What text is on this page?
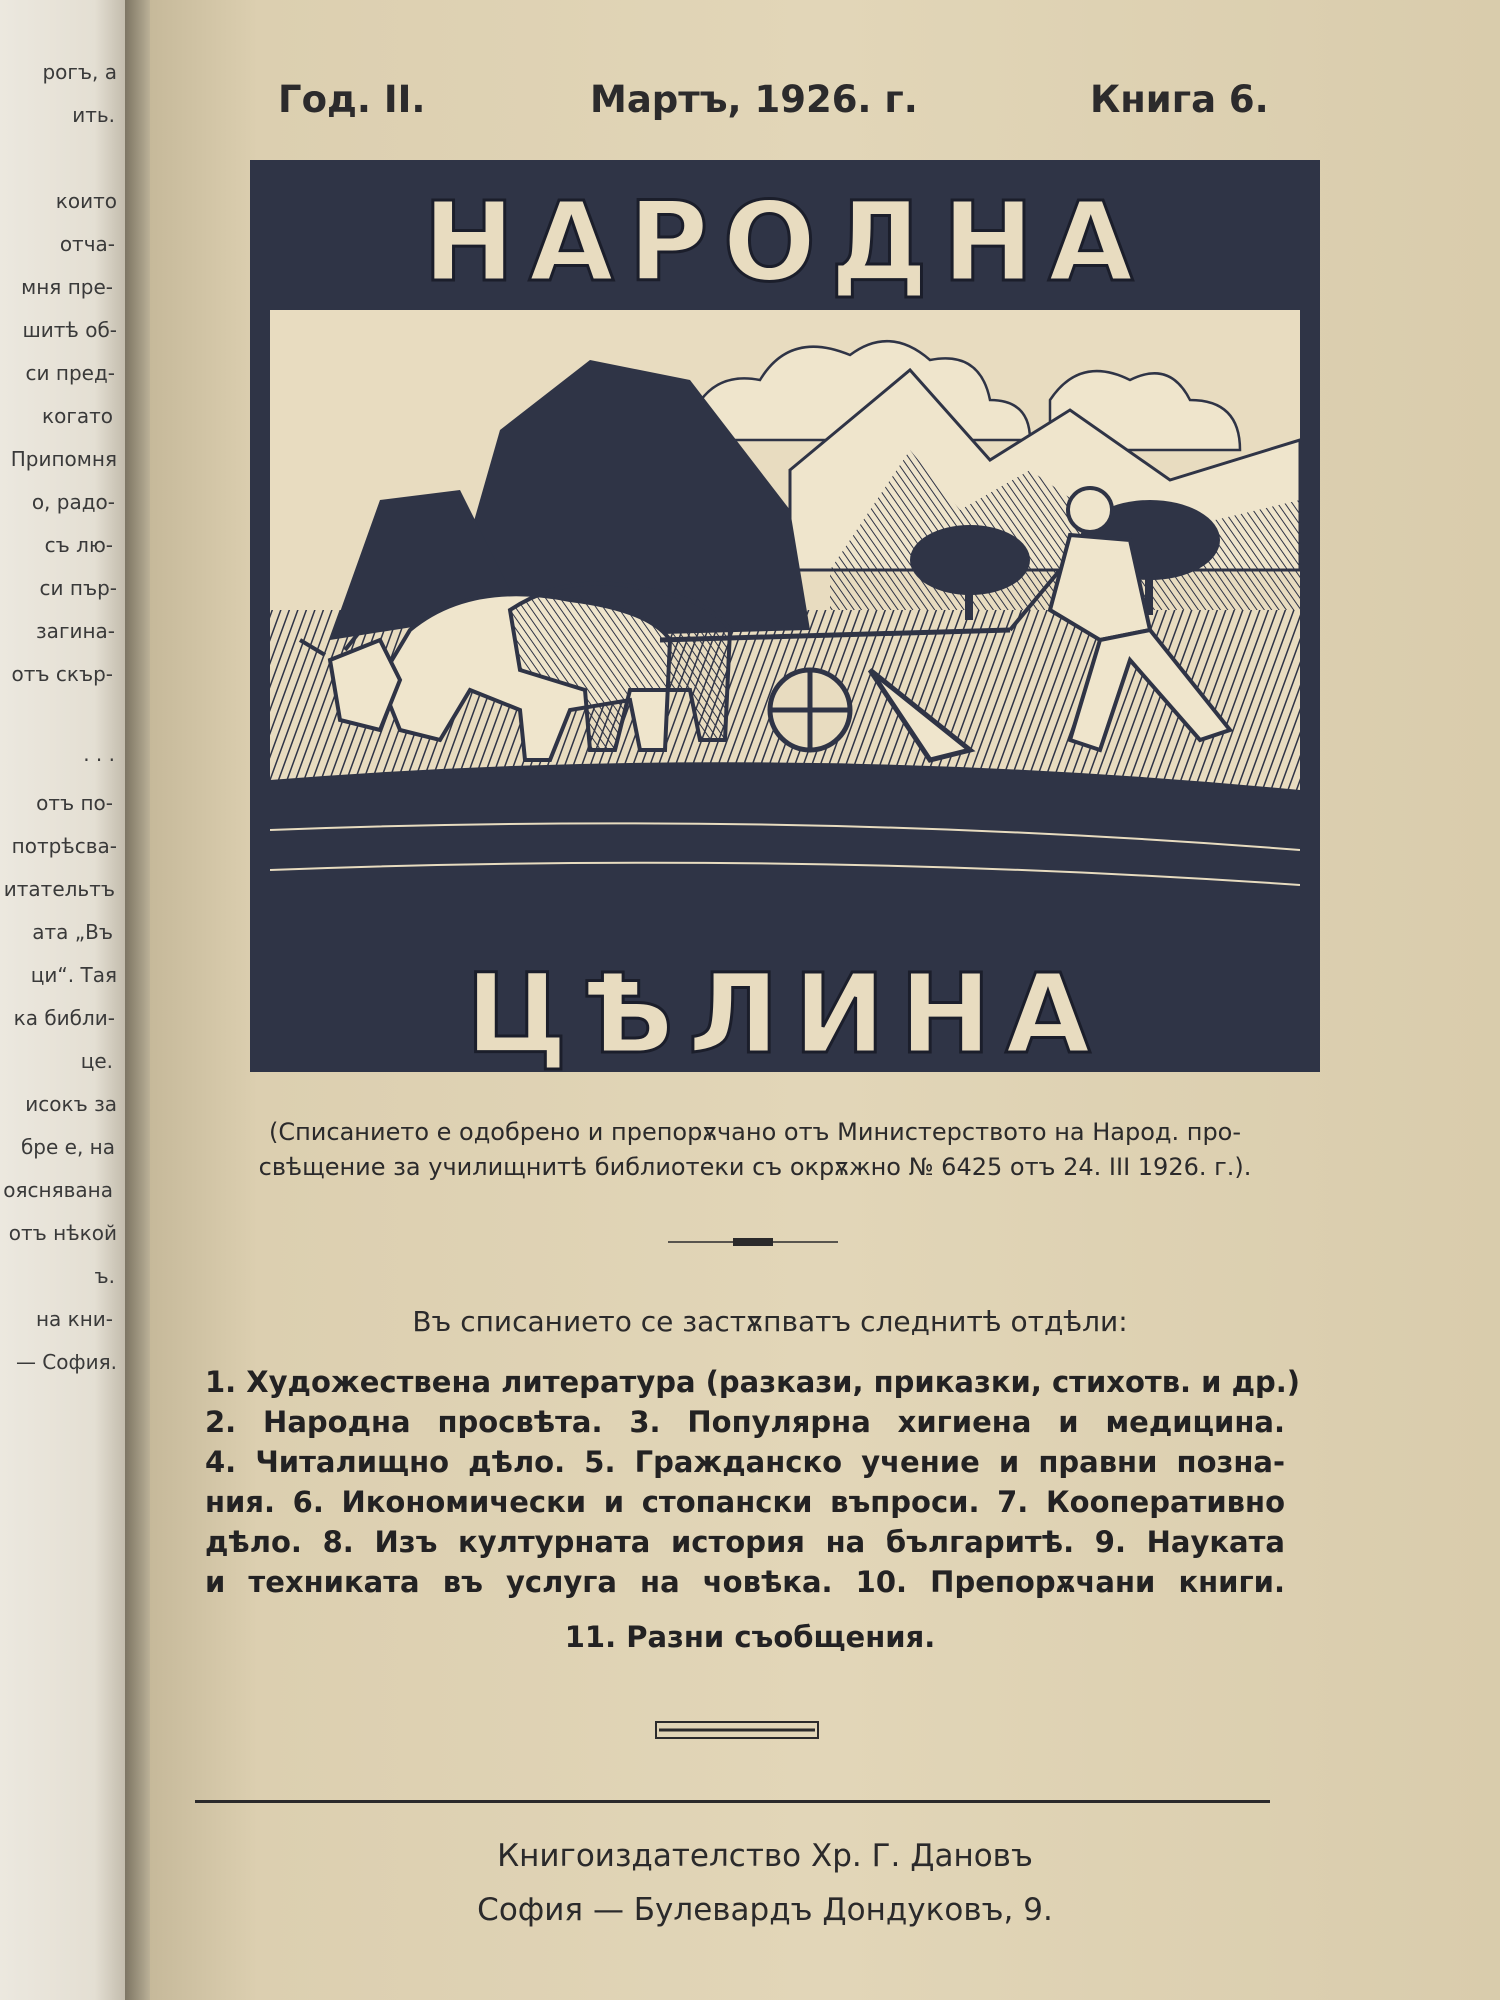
рогъ, а
ить.
които
отча-
мня пре-
шитѣ об-
си пред-
когато
Припомня
о, радо-
съ лю-
си пър-
загина-
отъ скър-
· · ·
отъ по-
потрѣсва-
итательтъ
ата „Въ
ци“. Тая
ка библи-
це.
исокъ за
бре е, на
ояснявана
отъ нѣкой
ъ.
на кни-
— София.
Год. II.	Мартъ, 1926. г.	Книга 6.
НАРОДНА
ЦѢЛИНА
(Списанието е одобрено и препорѫчано отъ Министерството на Народ. про-
свѣщение за училищнитѣ библиотеки съ окрѫжно № 6425 отъ 24. III 1926. г.).
Въ списанието се застѫпватъ следнитѣ отдѣли:
1. Художествена литература (разкази, приказки, стихотв. и др.)
2. Народна просвѣта. 3. Популярна хигиена и медицина.
4. Читалищно дѣло. 5. Гражданско учение и правни позна-
ния. 6. Икономически и стопански въпроси. 7. Кооперативно
дѣло. 8. Изъ културната история на българитѣ. 9. Науката
и техниката въ услуга на човѣка. 10. Препорѫчани книги.
11. Разни съобщения.
Книгоиздателство Хр. Г. Дановъ
София — Булевардъ Дондуковъ, 9.
